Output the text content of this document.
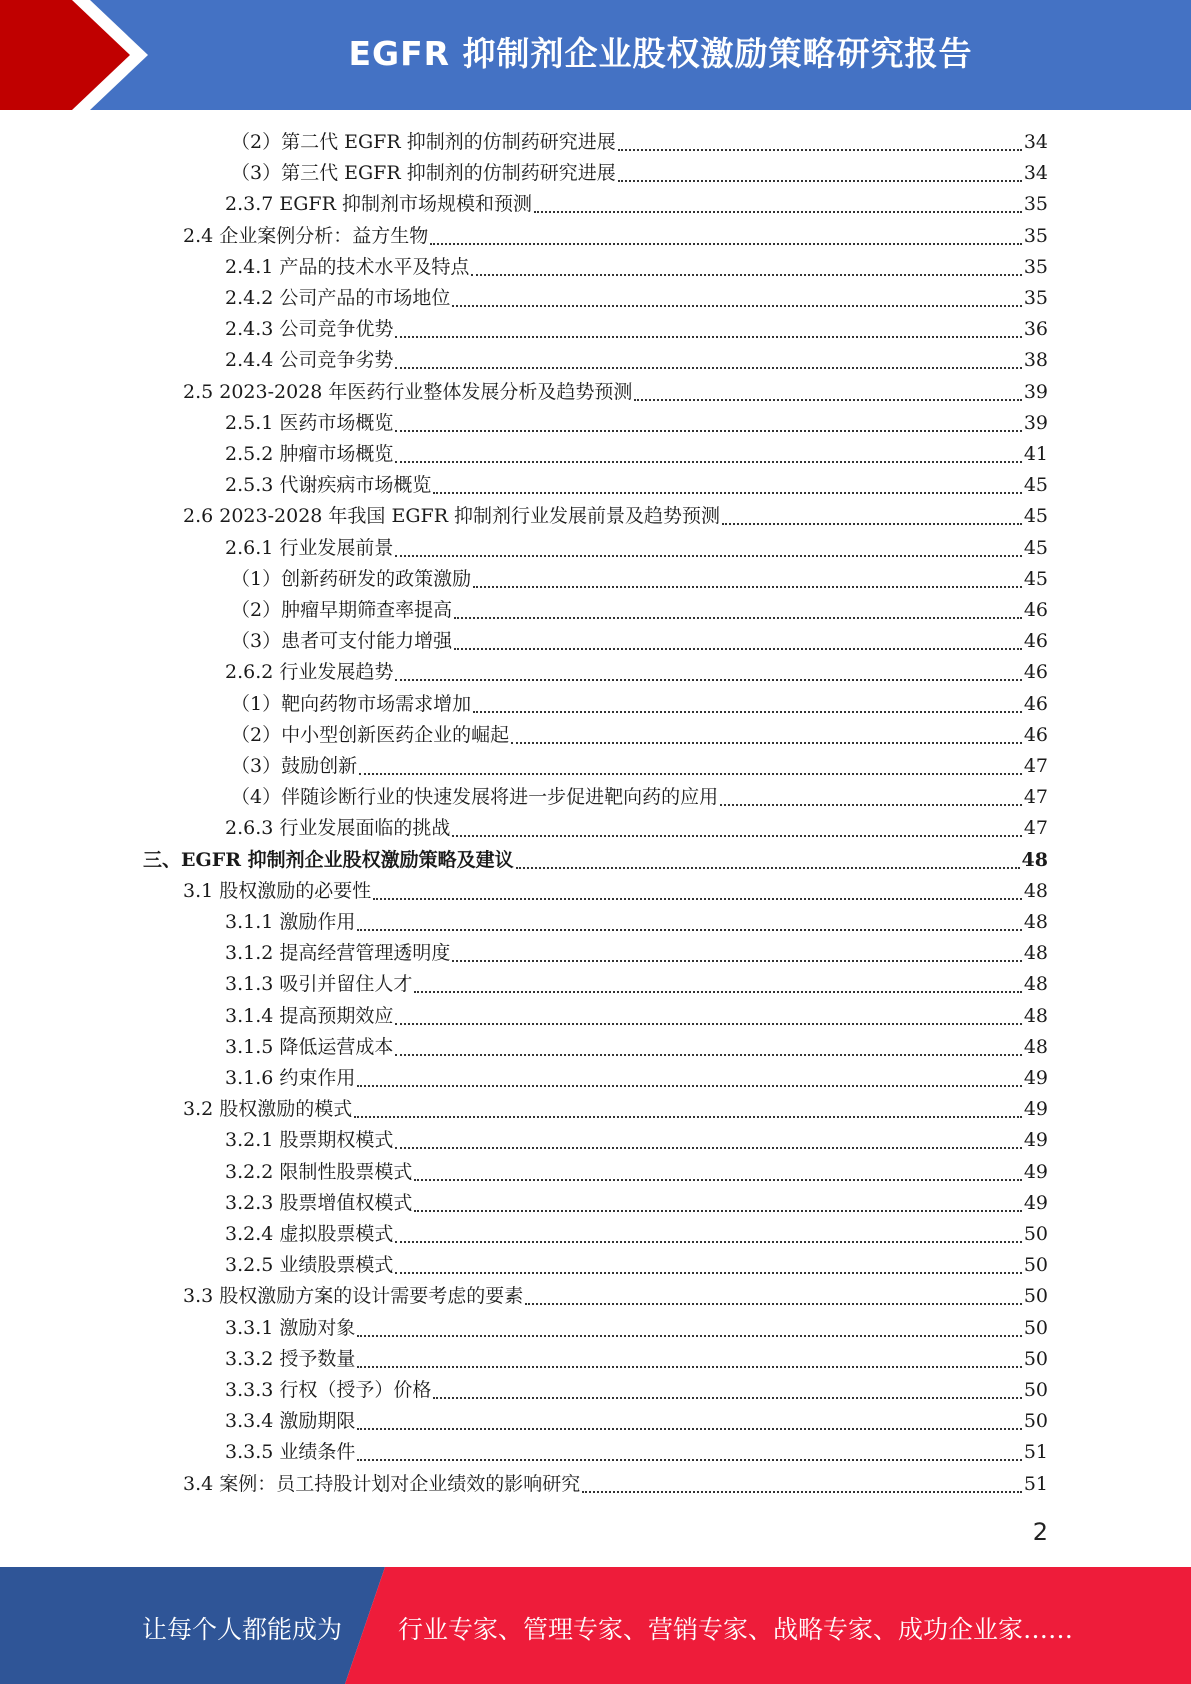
EGFR 抑制剂企业股权激励策略研究报告
（2）第二代 EGFR 抑制剂的仿制药研究进展	34
（3）第三代 EGFR 抑制剂的仿制药研究进展	34
2.3.7 EGFR 抑制剂市场规模和预测	35
2.4 企业案例分析：益方生物	35
2.4.1 产品的技术水平及特点	35
2.4.2 公司产品的市场地位	35
2.4.3 公司竞争优势	36
2.4.4 公司竞争劣势	38
2.5 2023-2028 年医药行业整体发展分析及趋势预测	39
2.5.1 医药市场概览	39
2.5.2 肿瘤市场概览	41
2.5.3 代谢疾病市场概览	45
2.6 2023-2028 年我国 EGFR 抑制剂行业发展前景及趋势预测	45
2.6.1 行业发展前景	45
（1）创新药研发的政策激励	45
（2）肿瘤早期筛查率提高	46
（3）患者可支付能力增强	46
2.6.2 行业发展趋势	46
（1）靶向药物市场需求增加	46
（2）中小型创新医药企业的崛起	46
（3）鼓励创新	47
（4）伴随诊断行业的快速发展将进一步促进靶向药的应用	47
2.6.3 行业发展面临的挑战	47
三、EGFR 抑制剂企业股权激励策略及建议	48
3.1 股权激励的必要性	48
3.1.1 激励作用	48
3.1.2 提高经营管理透明度	48
3.1.3 吸引并留住人才	48
3.1.4 提高预期效应	48
3.1.5 降低运营成本	48
3.1.6 约束作用	49
3.2 股权激励的模式	49
3.2.1 股票期权模式	49
3.2.2 限制性股票模式	49
3.2.3 股票增值权模式	49
3.2.4 虚拟股票模式	50
3.2.5 业绩股票模式	50
3.3 股权激励方案的设计需要考虑的要素	50
3.3.1 激励对象	50
3.3.2 授予数量	50
3.3.3 行权（授予）价格	50
3.3.4 激励期限	50
3.3.5 业绩条件	51
3.4 案例：员工持股计划对企业绩效的影响研究	51
2
让每个人都能成为 行业专家、管理专家、营销专家、战略专家、成功企业家……
